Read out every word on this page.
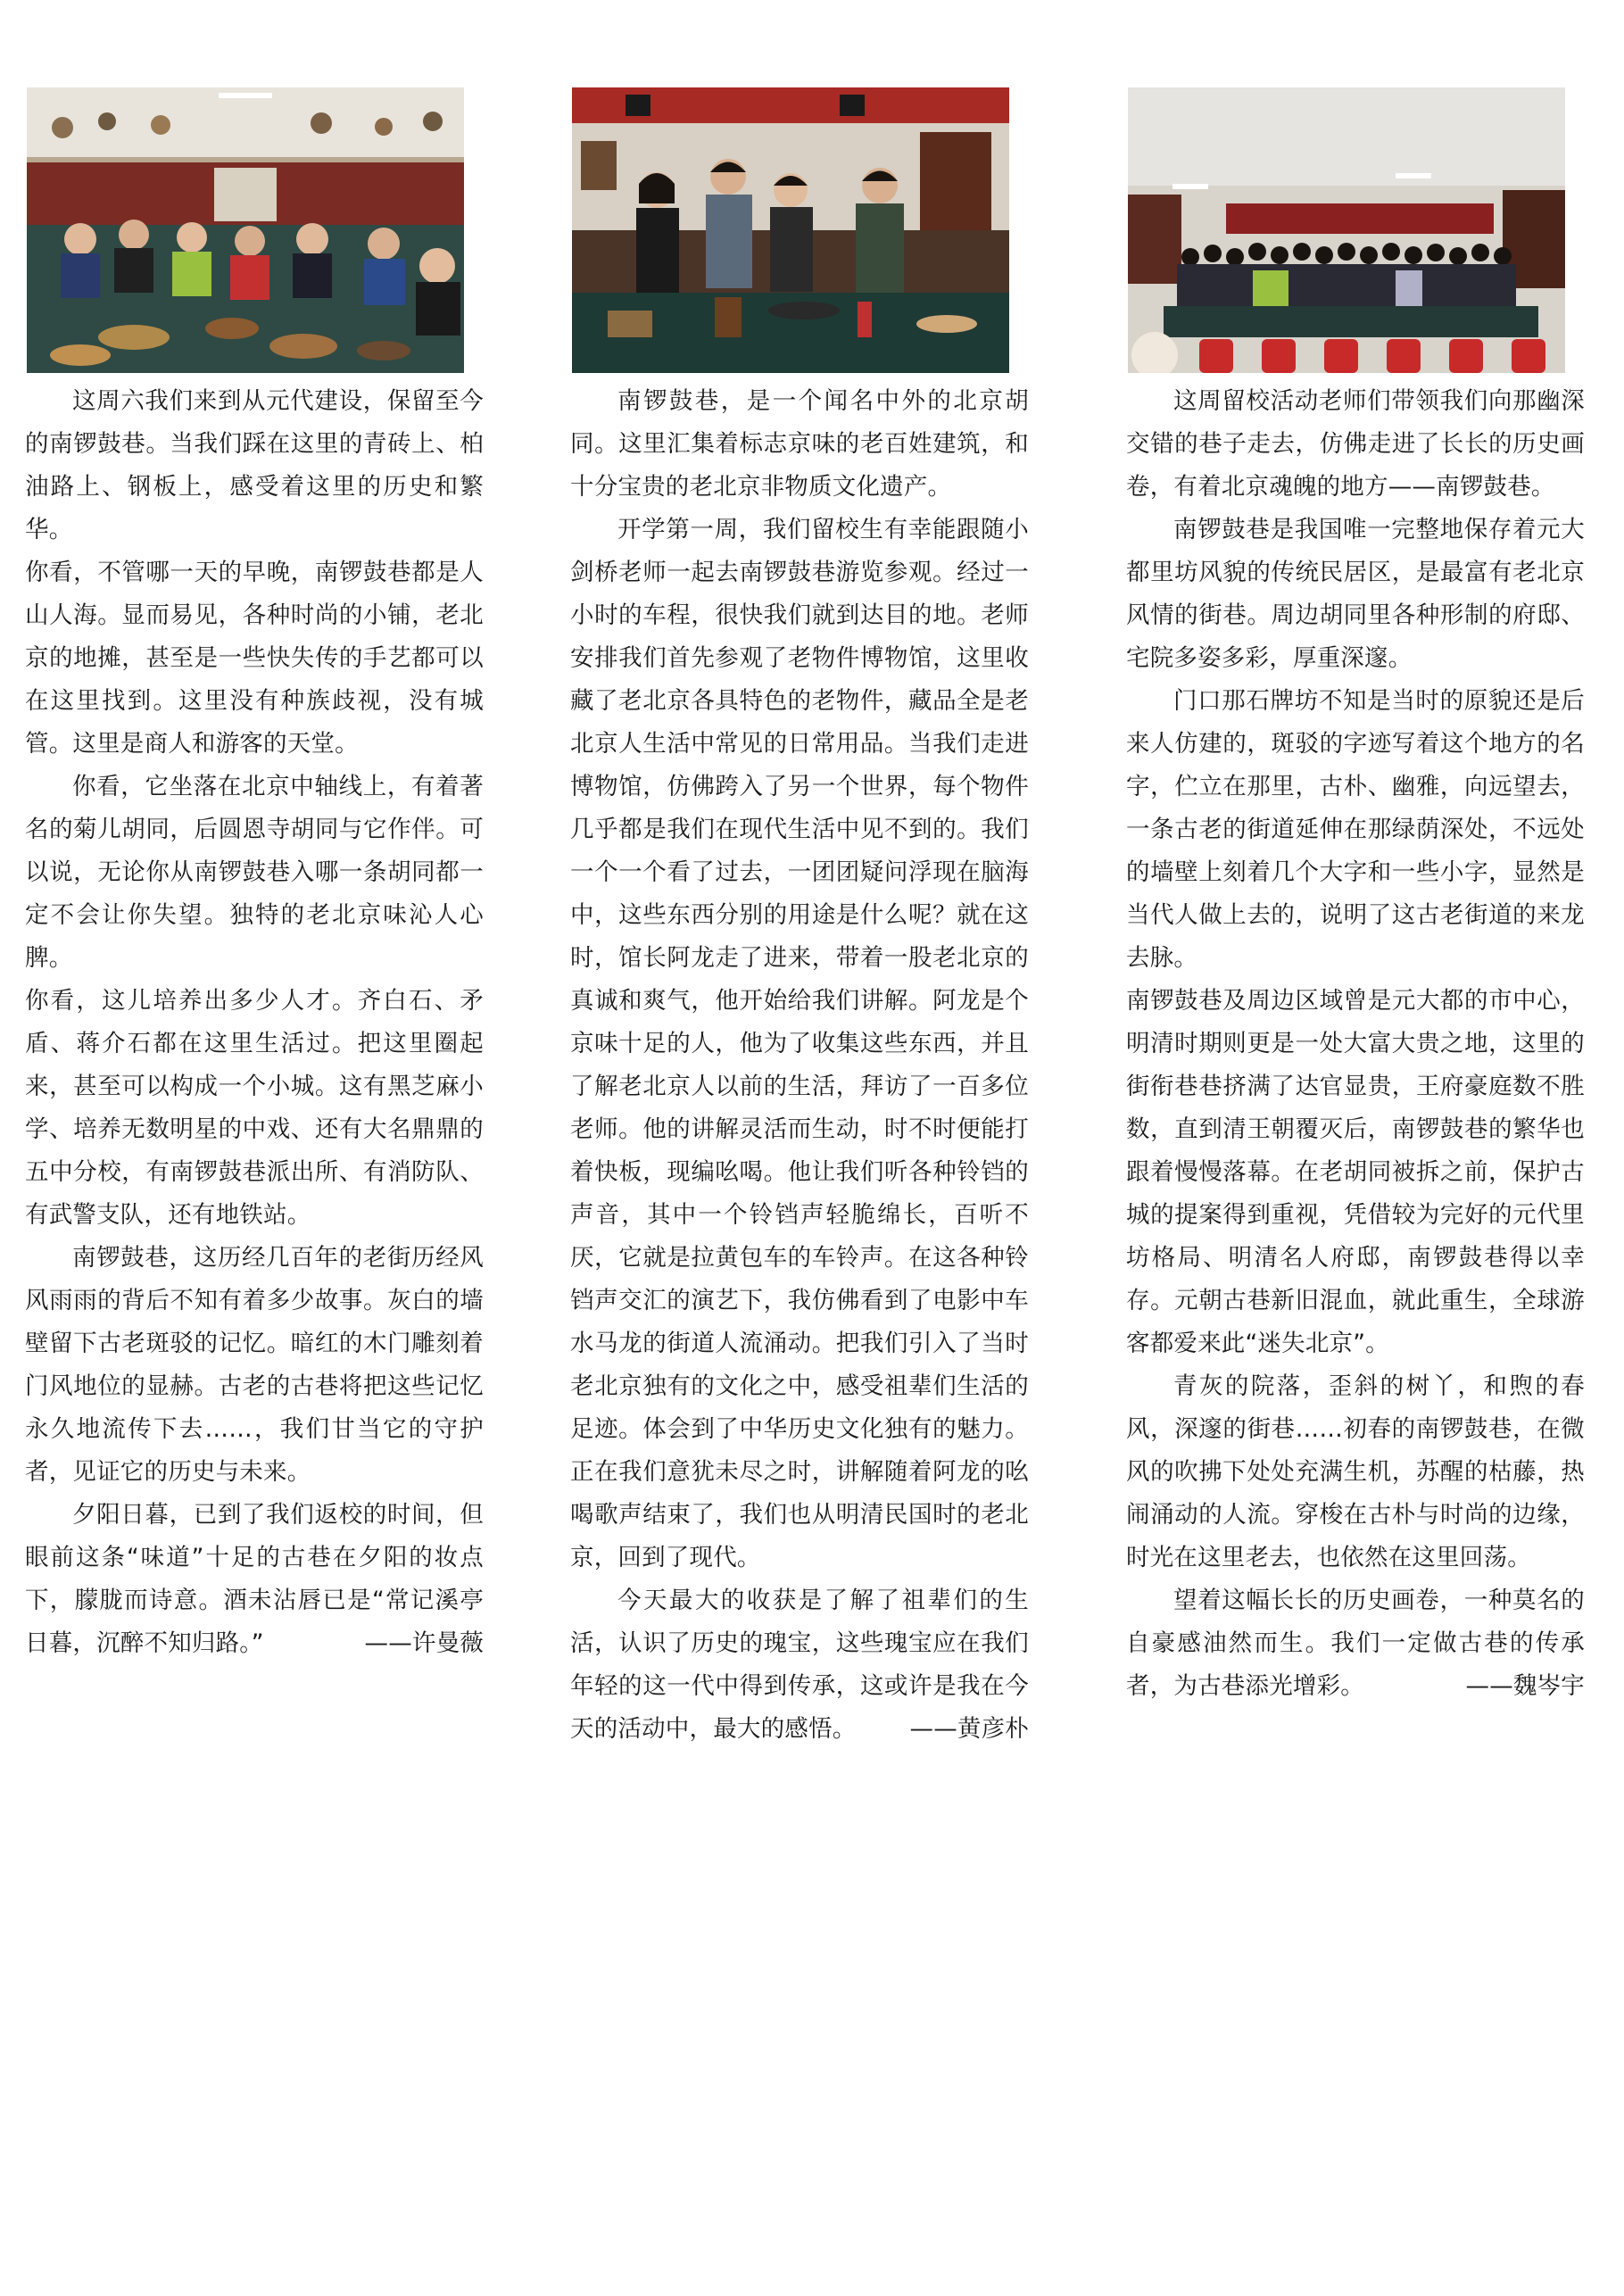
这周六我们来到从元代建设，保留至今的南锣鼓巷。当我们踩在这里的青砖上、柏油路上、钢板上，感受着这里的历史和繁华。

你看，不管哪一天的早晚，南锣鼓巷都是人山人海。显而易见，各种时尚的小铺，老北京的地摊，甚至是一些快失传的手艺都可以在这里找到。这里没有种族歧视，没有城管。这里是商人和游客的天堂。

你看，它坐落在北京中轴线上，有着著名的菊儿胡同，后圆恩寺胡同与它作伴。可以说，无论你从南锣鼓巷入哪一条胡同都一定不会让你失望。独特的老北京味沁人心脾。

你看，这儿培养出多少人才。齐白石、矛盾、蒋介石都在这里生活过。把这里圈起来，甚至可以构成一个小城。这有黑芝麻小学、培养无数明星的中戏、还有大名鼎鼎的五中分校，有南锣鼓巷派出所、有消防队、有武警支队，还有地铁站。

南锣鼓巷，这历经几百年的老街历经风风雨雨的背后不知有着多少故事。灰白的墙壁留下古老斑驳的记忆。暗红的木门雕刻着门风地位的显赫。古老的古巷将把这些记忆永久地流传下去……，我们甘当它的守护者，见证它的历史与未来。

夕阳日暮，已到了我们返校的时间，但眼前这条“味道”十足的古巷在夕阳的妆点下，朦胧而诗意。酒未沾唇已是“常记溪亭日暮，沉醉不知归路。”	——许曼薇

南锣鼓巷，是一个闻名中外的北京胡同。这里汇集着标志京味的老百姓建筑，和十分宝贵的老北京非物质文化遗产。

开学第一周，我们留校生有幸能跟随小剑桥老师一起去南锣鼓巷游览参观。经过一小时的车程，很快我们就到达目的地。老师安排我们首先参观了老物件博物馆，这里收藏了老北京各具特色的老物件，藏品全是老北京人生活中常见的日常用品。当我们走进博物馆，仿佛跨入了另一个世界，每个物件几乎都是我们在现代生活中见不到的。我们一个一个看了过去，一团团疑问浮现在脑海中，这些东西分别的用途是什么呢？就在这时，馆长阿龙走了进来，带着一股老北京的真诚和爽气，他开始给我们讲解。阿龙是个京味十足的人，他为了收集这些东西，并且了解老北京人以前的生活，拜访了一百多位老师。他的讲解灵活而生动，时不时便能打着快板，现编吆喝。他让我们听各种铃铛的声音，其中一个铃铛声轻脆绵长，百听不厌，它就是拉黄包车的车铃声。在这各种铃铛声交汇的演艺下，我仿佛看到了电影中车水马龙的街道人流涌动。把我们引入了当时老北京独有的文化之中，感受祖辈们生活的足迹。体会到了中华历史文化独有的魅力。正在我们意犹未尽之时，讲解随着阿龙的吆喝歌声结束了，我们也从明清民国时的老北京，回到了现代。

今天最大的收获是了解了祖辈们的生活，认识了历史的瑰宝，这些瑰宝应在我们年轻的这一代中得到传承，这或许是我在今天的活动中，最大的感悟。	——黄彦朴

这周留校活动老师们带领我们向那幽深交错的巷子走去，仿佛走进了长长的历史画卷，有着北京魂魄的地方——南锣鼓巷。

南锣鼓巷是我国唯一完整地保存着元大都里坊风貌的传统民居区，是最富有老北京风情的街巷。周边胡同里各种形制的府邸、宅院多姿多彩，厚重深邃。

门口那石牌坊不知是当时的原貌还是后来人仿建的，斑驳的字迹写着这个地方的名字，伫立在那里，古朴、幽雅，向远望去，一条古老的街道延伸在那绿荫深处，不远处的墙壁上刻着几个大字和一些小字，显然是当代人做上去的，说明了这古老街道的来龙去脉。

南锣鼓巷及周边区域曾是元大都的市中心，明清时期则更是一处大富大贵之地，这里的街衔巷巷挤满了达官显贵，王府豪庭数不胜数，直到清王朝覆灭后，南锣鼓巷的繁华也跟着慢慢落幕。在老胡同被拆之前，保护古城的提案得到重视，凭借较为完好的元代里坊格局、明清名人府邸，南锣鼓巷得以幸存。元朝古巷新旧混血，就此重生，全球游客都爱来此“迷失北京”。

青灰的院落，歪斜的树丫，和煦的春风，深邃的街巷……初春的南锣鼓巷，在微风的吹拂下处处充满生机，苏醒的枯藤，热闹涌动的人流。穿梭在古朴与时尚的边缘，时光在这里老去，也依然在这里回荡。

望着这幅长长的历史画卷，一种莫名的自豪感油然而生。我们一定做古巷的传承者，为古巷添光增彩。	——魏岑宇
